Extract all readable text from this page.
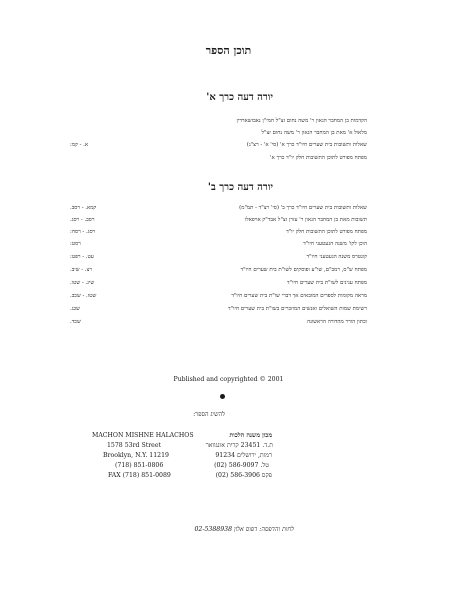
תוכן הספר
יורה דעה כרך א'
הקדמות בן המחבר הגאון ר' משה נחום זצ"ל חמי"ן נאבזשארדין
מלאול א' מאת בן המחבר הגאון ר' משה נחום זצ"ל
שאלות ותשובות בית שערים חיו"ד כרך א' (סי' א' - רצ"ג)
א. - קמ:
מפתח מפורט לתוכן התשובות חלק יו"ד כרך א'
יורה דעה כרך ב'
שאלות ותשובות בית שערים חיו"ד כרך ב' (סי' רצ"ד - תמ"מ)
קמא. - רסב.
תשובות מאת בן המחבר הגאון ר' עזרן זצ"ל אבד"ק אויפאלו
רסב. - רסג.
מפתח מפורט לתוכן התשובות חלק יו"ד
רסג. - רסח:
הוכן לקו' משנה הגעטעני חיו"ד
רסט:
קונטרס משנה הגעטעני חיו"ד
עט. - רפט:
מפתח ש"ס, רמב"ם, שו"ע ופוסקים לשו"ת בית שערים חיו"ד
רצ. - שיב.
מפתח ענינים לשו"ת בית שערים חיו"ד
שיג. - שטו.
מראה מקומות לספרים המובאים אך דברי שו"ת בית שערים חיו"ד
שטז. - שכב.
רשימת שמות השואלים ואנשים המוזכרים בשו"ת בית שערים חיו"ד
שכג.
וכתון הורר מהדורה הראשונה
שכד.
Published and copyrighted © 2001
להשיג הספר:
MACHON MISHNE HALACHOS
1578 53rd Street
Brooklyn, N.Y. 11219
(718) 851-0806
FAX (718) 851-0089
מכון משנה הלכות
ת.ד. 23451 קרית אונגוואר
רמות, ירושלים 91234
טל. 586-9097 (02)
פקס 586-3906 (02)
לחות והדפסה: דפוס אלון 02-5388938
